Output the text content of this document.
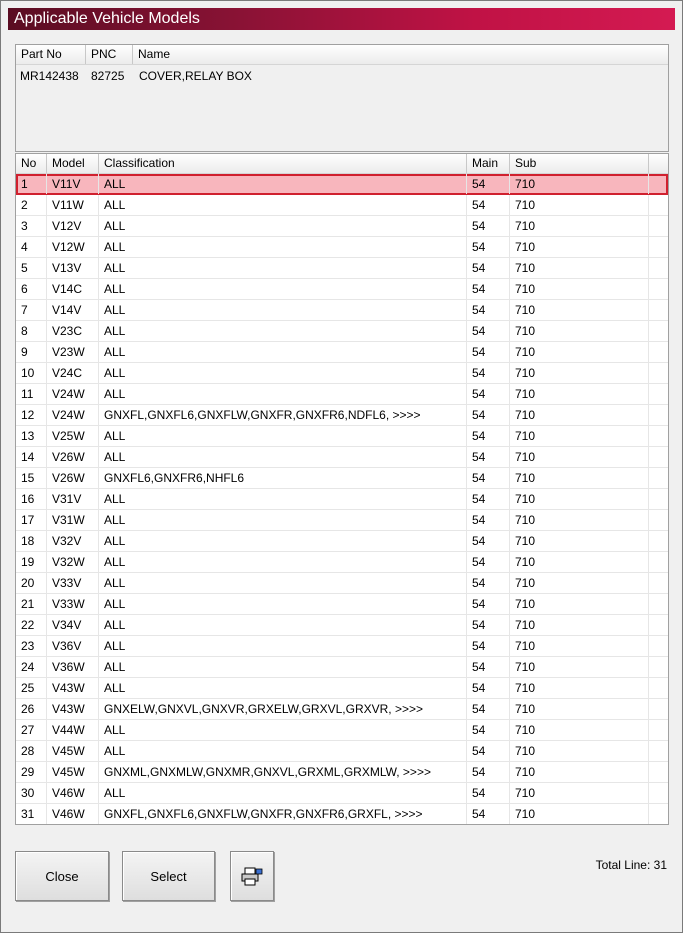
Applicable Vehicle Models
Part No	PNC	Name
MR142438	82725	COVER,RELAY BOX
No	Model	Classification	Main	Sub
1	V11V	ALL	54	710
2	V11W	ALL	54	710
3	V12V	ALL	54	710
4	V12W	ALL	54	710
5	V13V	ALL	54	710
6	V14C	ALL	54	710
7	V14V	ALL	54	710
8	V23C	ALL	54	710
9	V23W	ALL	54	710
10	V24C	ALL	54	710
11	V24W	ALL	54	710
12	V24W	GNXFL,GNXFL6,GNXFLW,GNXFR,GNXFR6,NDFL6, >>>>	54	710
13	V25W	ALL	54	710
14	V26W	ALL	54	710
15	V26W	GNXFL6,GNXFR6,NHFL6	54	710
16	V31V	ALL	54	710
17	V31W	ALL	54	710
18	V32V	ALL	54	710
19	V32W	ALL	54	710
20	V33V	ALL	54	710
21	V33W	ALL	54	710
22	V34V	ALL	54	710
23	V36V	ALL	54	710
24	V36W	ALL	54	710
25	V43W	ALL	54	710
26	V43W	GNXELW,GNXVL,GNXVR,GRXELW,GRXVL,GRXVR, >>>>	54	710
27	V44W	ALL	54	710
28	V45W	ALL	54	710
29	V45W	GNXML,GNXMLW,GNXMR,GNXVL,GRXML,GRXMLW, >>>>	54	710
30	V46W	ALL	54	710
31	V46W	GNXFL,GNXFL6,GNXFLW,GNXFR,GNXFR6,GRXFL, >>>>	54	710
Close	Select
Total Line: 31
